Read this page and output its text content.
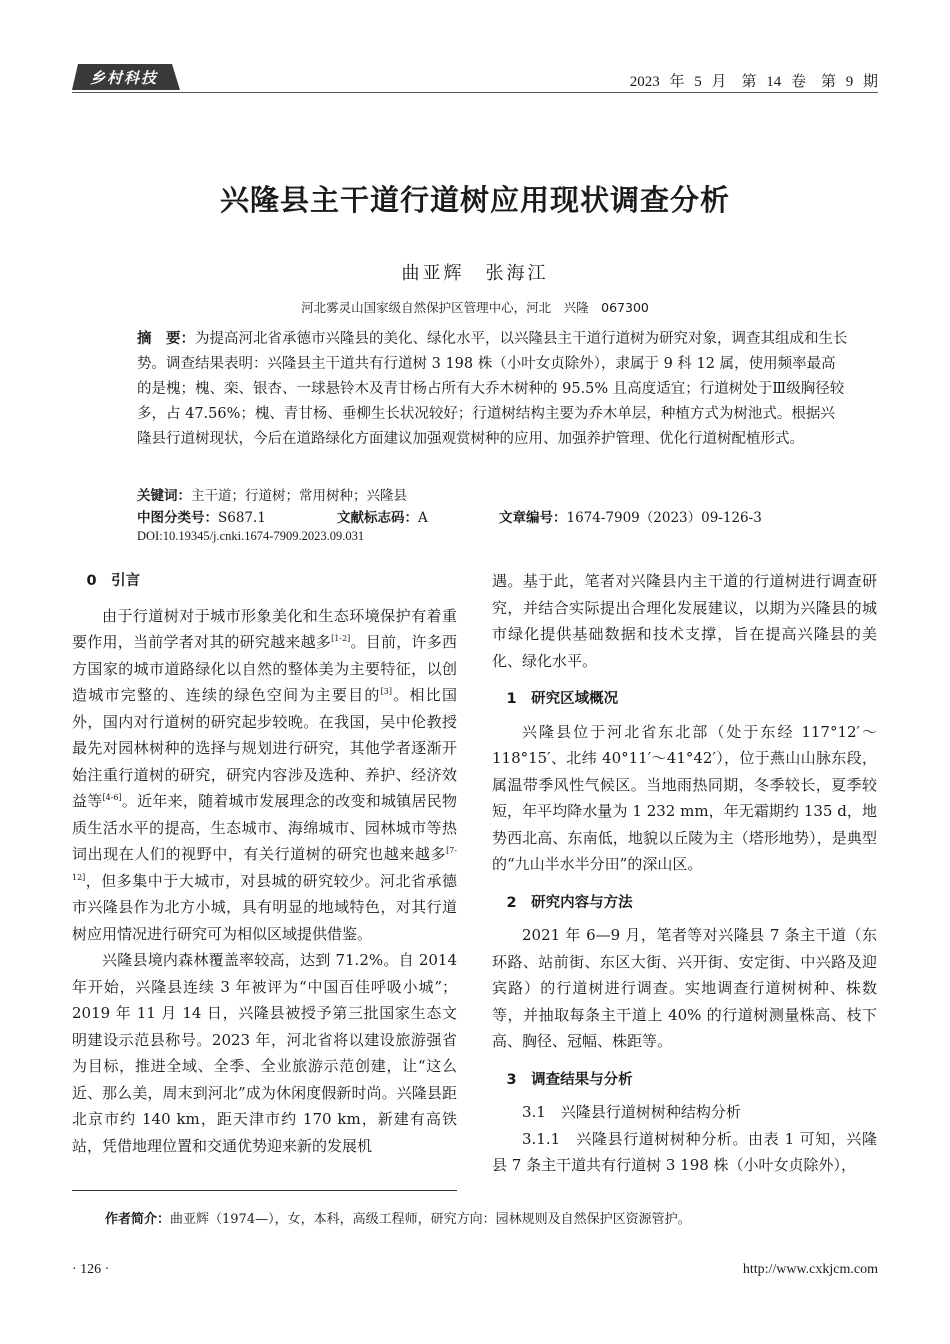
乡村科技	2023 年 5 月　第 14 卷　第 9 期
兴隆县主干道行道树应用现状调查分析
曲亚辉　张海江
河北雾灵山国家级自然保护区管理中心，河北　兴隆　067300
摘　要：为提高河北省承德市兴隆县的美化、绿化水平，以兴隆县主干道行道树为研究对象，调查其组成和生长势。调查结果表明：兴隆县主干道共有行道树 3 198 株（小叶女贞除外），隶属于 9 科 12 属，使用频率最高的是槐；槐、栾、银杏、一球悬铃木及青甘杨占所有大乔木树种的 95.5% 且高度适宜；行道树处于Ⅲ级胸径较多，占 47.56%；槐、青甘杨、垂柳生长状况较好；行道树结构主要为乔木单层，种植方式为树池式。根据兴隆县行道树现状，今后在道路绿化方面建议加强观赏树种的应用、加强养护管理、优化行道树配植形式。
关键词：主干道；行道树；常用树种；兴隆县
中图分类号：S687.1	文献标志码：A	文章编号：1674-7909（2023）09-126-3
DOI:10.19345/j.cnki.1674-7909.2023.09.031
0　引言

由于行道树对于城市形象美化和生态环境保护有着重要作用，当前学者对其的研究越来越多[1-2]。目前，许多西方国家的城市道路绿化以自然的整体美为主要特征，以创造城市完整的、连续的绿色空间为主要目的[3]。相比国外，国内对行道树的研究起步较晚。在我国，吴中伦教授最先对园林树种的选择与规划进行研究，其他学者逐渐开始注重行道树的研究，研究内容涉及选种、养护、经济效益等[4-6]。近年来，随着城市发展理念的改变和城镇居民物质生活水平的提高，生态城市、海绵城市、园林城市等热词出现在人们的视野中，有关行道树的研究也越来越多[7-12]，但多集中于大城市，对县城的研究较少。河北省承德市兴隆县作为北方小城，具有明显的地域特色，对其行道树应用情况进行研究可为相似区域提供借鉴。

兴隆县境内森林覆盖率较高，达到 71.2%。自 2014 年开始，兴隆县连续 3 年被评为“中国百佳呼吸小城”；2019 年 11 月 14 日，兴隆县被授予第三批国家生态文明建设示范县称号。2023 年，河北省将以建设旅游强省为目标，推进全域、全季、全业旅游示范创建，让“这么近、那么美，周末到河北”成为休闲度假新时尚。兴隆县距北京市约 140 km，距天津市约 170 km，新建有高铁站，凭借地理位置和交通优势迎来新的发展机

遇。基于此，笔者对兴隆县内主干道的行道树进行调查研究，并结合实际提出合理化发展建议，以期为兴隆县的城市绿化提供基础数据和技术支撑，旨在提高兴隆县的美化、绿化水平。

1　研究区域概况

兴隆县位于河北省东北部（处于东经 117°12′～118°15′、北纬 40°11′～41°42′），位于燕山山脉东段，属温带季风性气候区。当地雨热同期，冬季较长，夏季较短，年平均降水量为 1 232 mm，年无霜期约 135 d，地势西北高、东南低，地貌以丘陵为主（塔形地势），是典型的“九山半水半分田”的深山区。

2　研究内容与方法

2021 年 6—9 月，笔者等对兴隆县 7 条主干道（东环路、站前街、东区大街、兴开街、安定街、中兴路及迎宾路）的行道树进行调查。实地调查行道树树种、株数等，并抽取每条主干道上 40% 的行道树测量株高、枝下高、胸径、冠幅、株距等。

3　调查结果与分析
3.1　兴隆县行道树树种结构分析

3.1.1　兴隆县行道树树种分析。由表 1 可知，兴隆县 7 条主干道共有行道树 3 198 株（小叶女贞除外），

作者简介：曲亚辉（1974—），女，本科，高级工程师，研究方向：园林规则及自然保护区资源管护。
· 126 ·	http://www.cxkjcm.com
